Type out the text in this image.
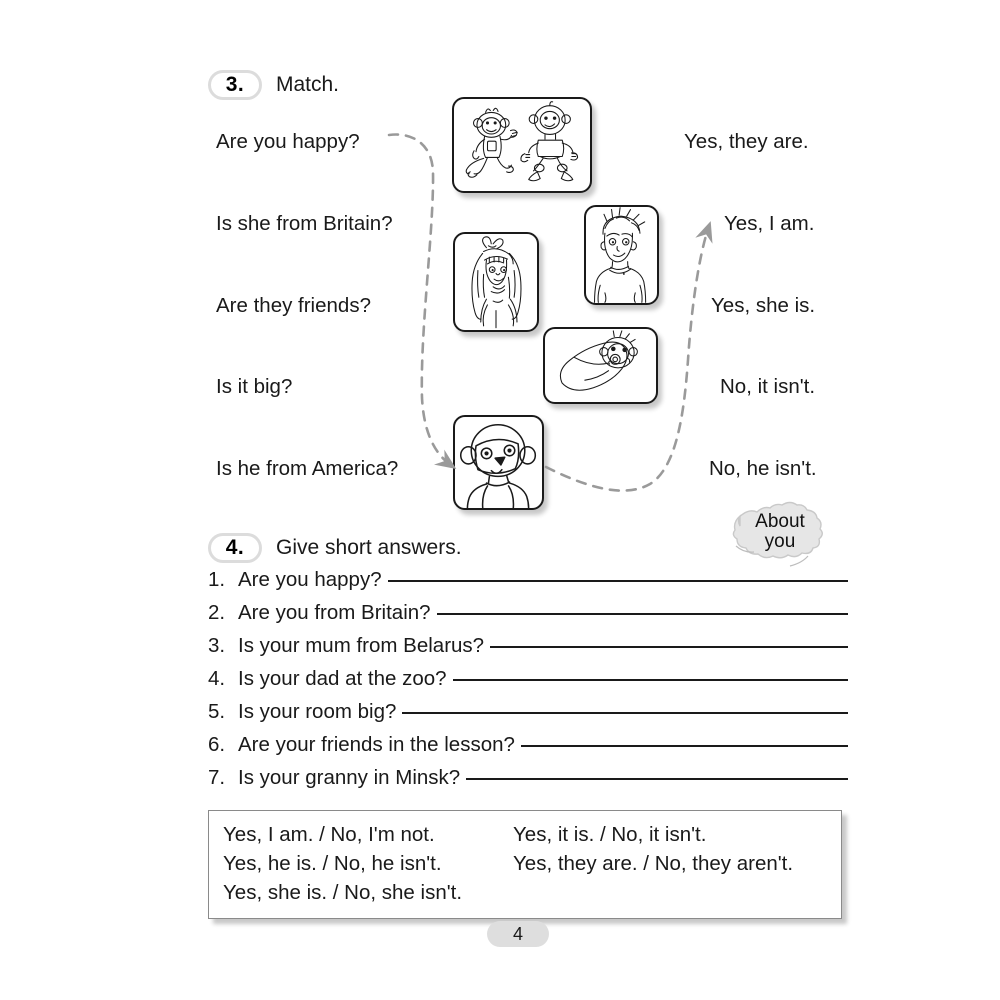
3.	Match.
Are you happy?
Is she from Britain?
Are they friends?
Is it big?
Is he from America?
Yes, they are.
Yes, I am.
Yes, she is.
No, it isn't.
No, he isn't.
4.	Give short answers.
About
you
1. Are you happy?
2. Are you from Britain?
3. Is your mum from Belarus?
4. Is your dad at the zoo?
5. Is your room big?
6. Are your friends in the lesson?
7. Is your granny in Minsk?
Yes, I am. / No, I'm not.	Yes, it is. / No, it isn't.
Yes, he is. / No, he isn't.	Yes, they are. / No, they aren't.
Yes, she is. / No, she isn't.
4
